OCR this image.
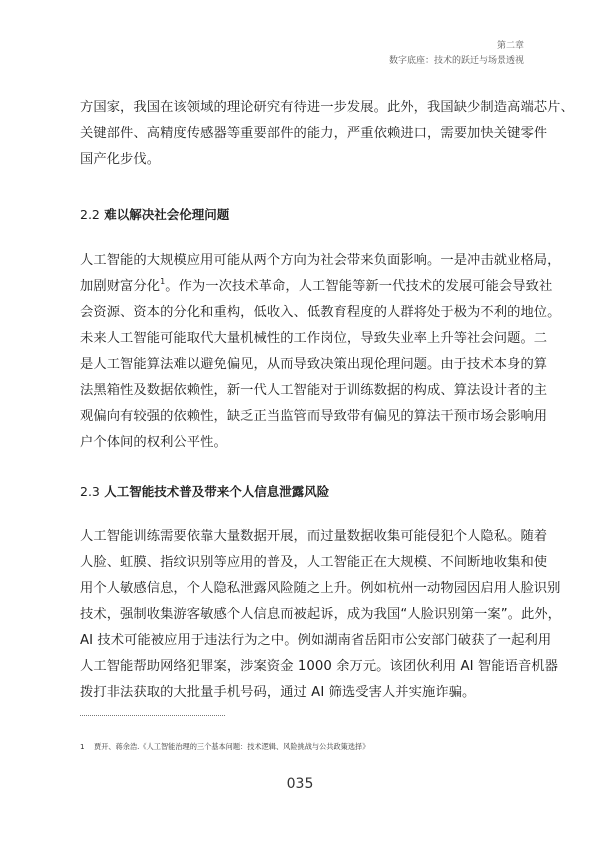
第二章
数字底座：技术的跃迁与场景透视

方国家，我国在该领域的理论研究有待进一步发展。此外，我国缺少制造高端芯片、

关键部件、高精度传感器等重要部件的能力，严重依赖进口，需要加快关键零件

国产化步伐。

2.2 难以解决社会伦理问题

人工智能的大规模应用可能从两个方向为社会带来负面影响。一是冲击就业格局，

加剧财富分化$^1$。作为一次技术革命，人工智能等新一代技术的发展可能会导致社

会资源、资本的分化和重构，低收入、低教育程度的人群将处于极为不利的地位。

未来人工智能可能取代大量机械性的工作岗位，导致失业率上升等社会问题。二

是人工智能算法难以避免偏见，从而导致决策出现伦理问题。由于技术本身的算

法黑箱性及数据依赖性，新一代人工智能对于训练数据的构成、算法设计者的主

观偏向有较强的依赖性，缺乏正当监管而导致带有偏见的算法干预市场会影响用

户个体间的权利公平性。

2.3 人工智能技术普及带来个人信息泄露风险

人工智能训练需要依靠大量数据开展，而过量数据收集可能侵犯个人隐私。随着

人脸、虹膜、指纹识别等应用的普及，人工智能正在大规模、不间断地收集和使

用个人敏感信息，个人隐私泄露风险随之上升。例如杭州一动物园因启用人脸识别

技术，强制收集游客敏感个人信息而被起诉，成为我国“人脸识别第一案”。此外，

AI 技术可能被应用于违法行为之中。例如湖南省岳阳市公安部门破获了一起利用

人工智能帮助网络犯罪案，涉案资金 1000 余万元。该团伙利用 AI 智能语音机器

拨打非法获取的大批量手机号码，通过 AI 筛选受害人并实施诈骗。

1 贾开、蒋余浩.《人工智能治理的三个基本问题：技术逻辑、风险挑战与公共政策选择》
035
